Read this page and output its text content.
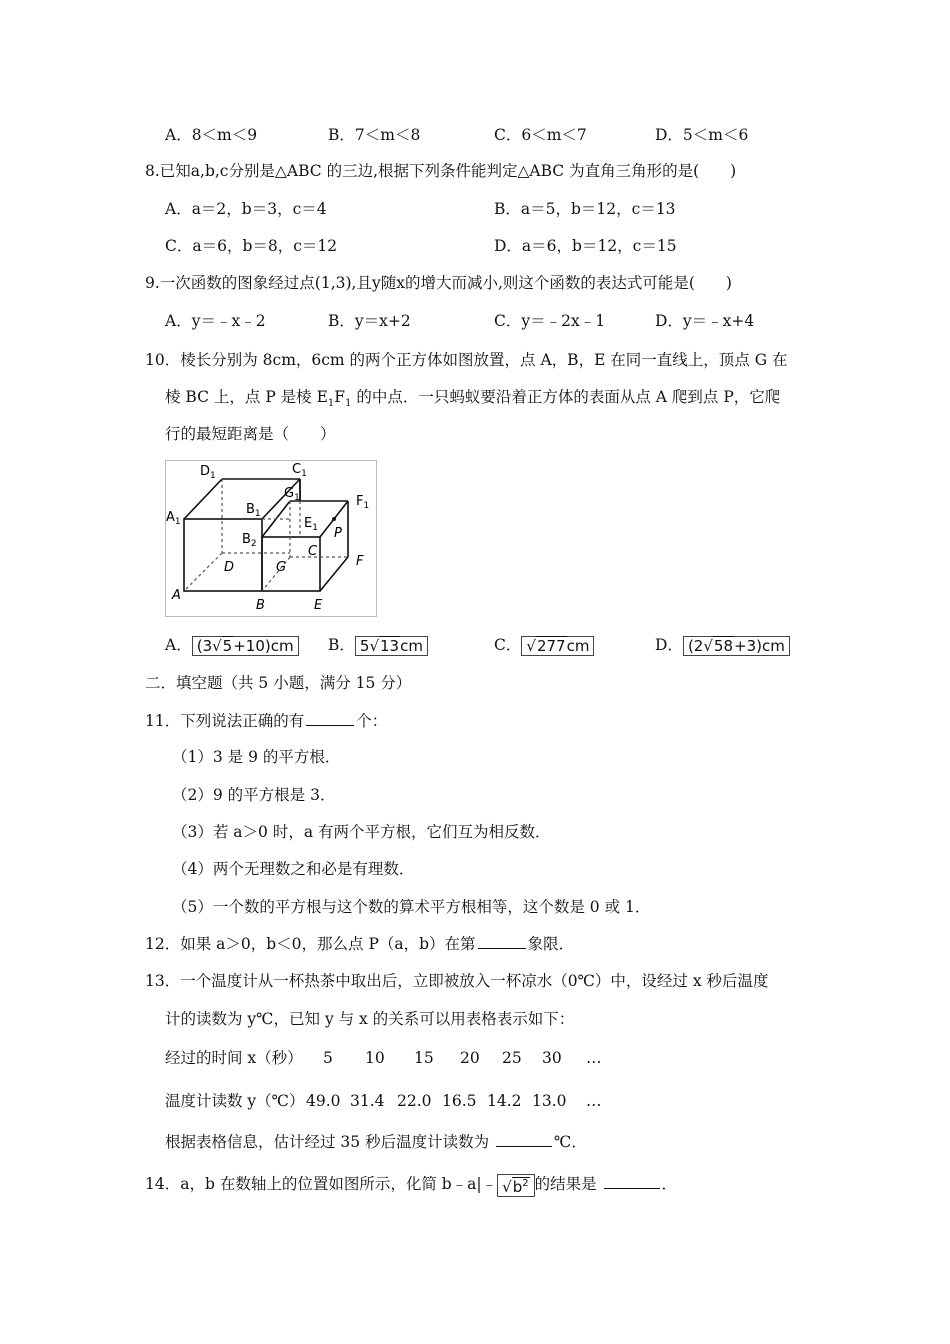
A．8＜m＜9	B．7＜m＜8	C．6＜m＜7	D．5＜m＜6
8.已知a,b,c分别是△ABC 的三边,根据下列条件能判定△ABC 为直角三角形的是(　　)
A．a＝2，b＝3，c＝4	B．a＝5，b＝12，c＝13
C．a＝6，b＝8，c＝12	D．a＝6，b＝12，c＝15
9.一次函数的图象经过点(1,3),且y随x的增大而减小,则这个函数的表达式可能是(　　)
A．y＝﹣x﹣2	B．y＝x+2	C．y＝﹣2x﹣1	D．y＝﹣x+4
10．棱长分别为 8cm，6cm 的两个正方体如图放置，点 A，B，E 在同一直线上，顶点 G 在
棱 BC 上，点 P 是棱 $E_1F_1$ 的中点．一只蚂蚁要沿着正方体的表面从点 A 爬到点 P，它爬
行的最短距离是（　　）
$D_1$	$C_1$
$G_1$
$B_1$
$A_1$	$E_1$
$F_1$
$B_2$
P
C
D	G	F
A
B	E
A． (3√5+10)cm	B． 5√13cm	C． √277cm	D． (2√58+3)cm
二．填空题（共 5 小题，满分 15 分）
11．下列说法正确的有	个：
（1）3 是 9 的平方根．
（2）9 的平方根是 3．
（3）若 a＞0 时，a 有两个平方根，它们互为相反数．
（4）两个无理数之和必是有理数．
（5）一个数的平方根与这个数的算术平方根相等，这个数是 0 或 1．
12．如果 a＞0，b＜0，那么点 P（a，b）在第	象限．
13．一个温度计从一杯热茶中取出后，立即被放入一杯凉水（0℃）中，设经过 x 秒后温度
计的读数为 y℃，已知 y 与 x 的关系可以用表格表示如下：
经过的时间 x（秒） 5 10 15 20 25 30 …
温度计读数 y（℃） 49.0 31.4 22.0 16.5 14.2 13.0 …
根据表格信息，估计经过 35 秒后温度计读数为	℃．
14．a，b 在数轴上的位置如图所示，化简 b﹣a|﹣ $√b^2$ 的结果是	．
